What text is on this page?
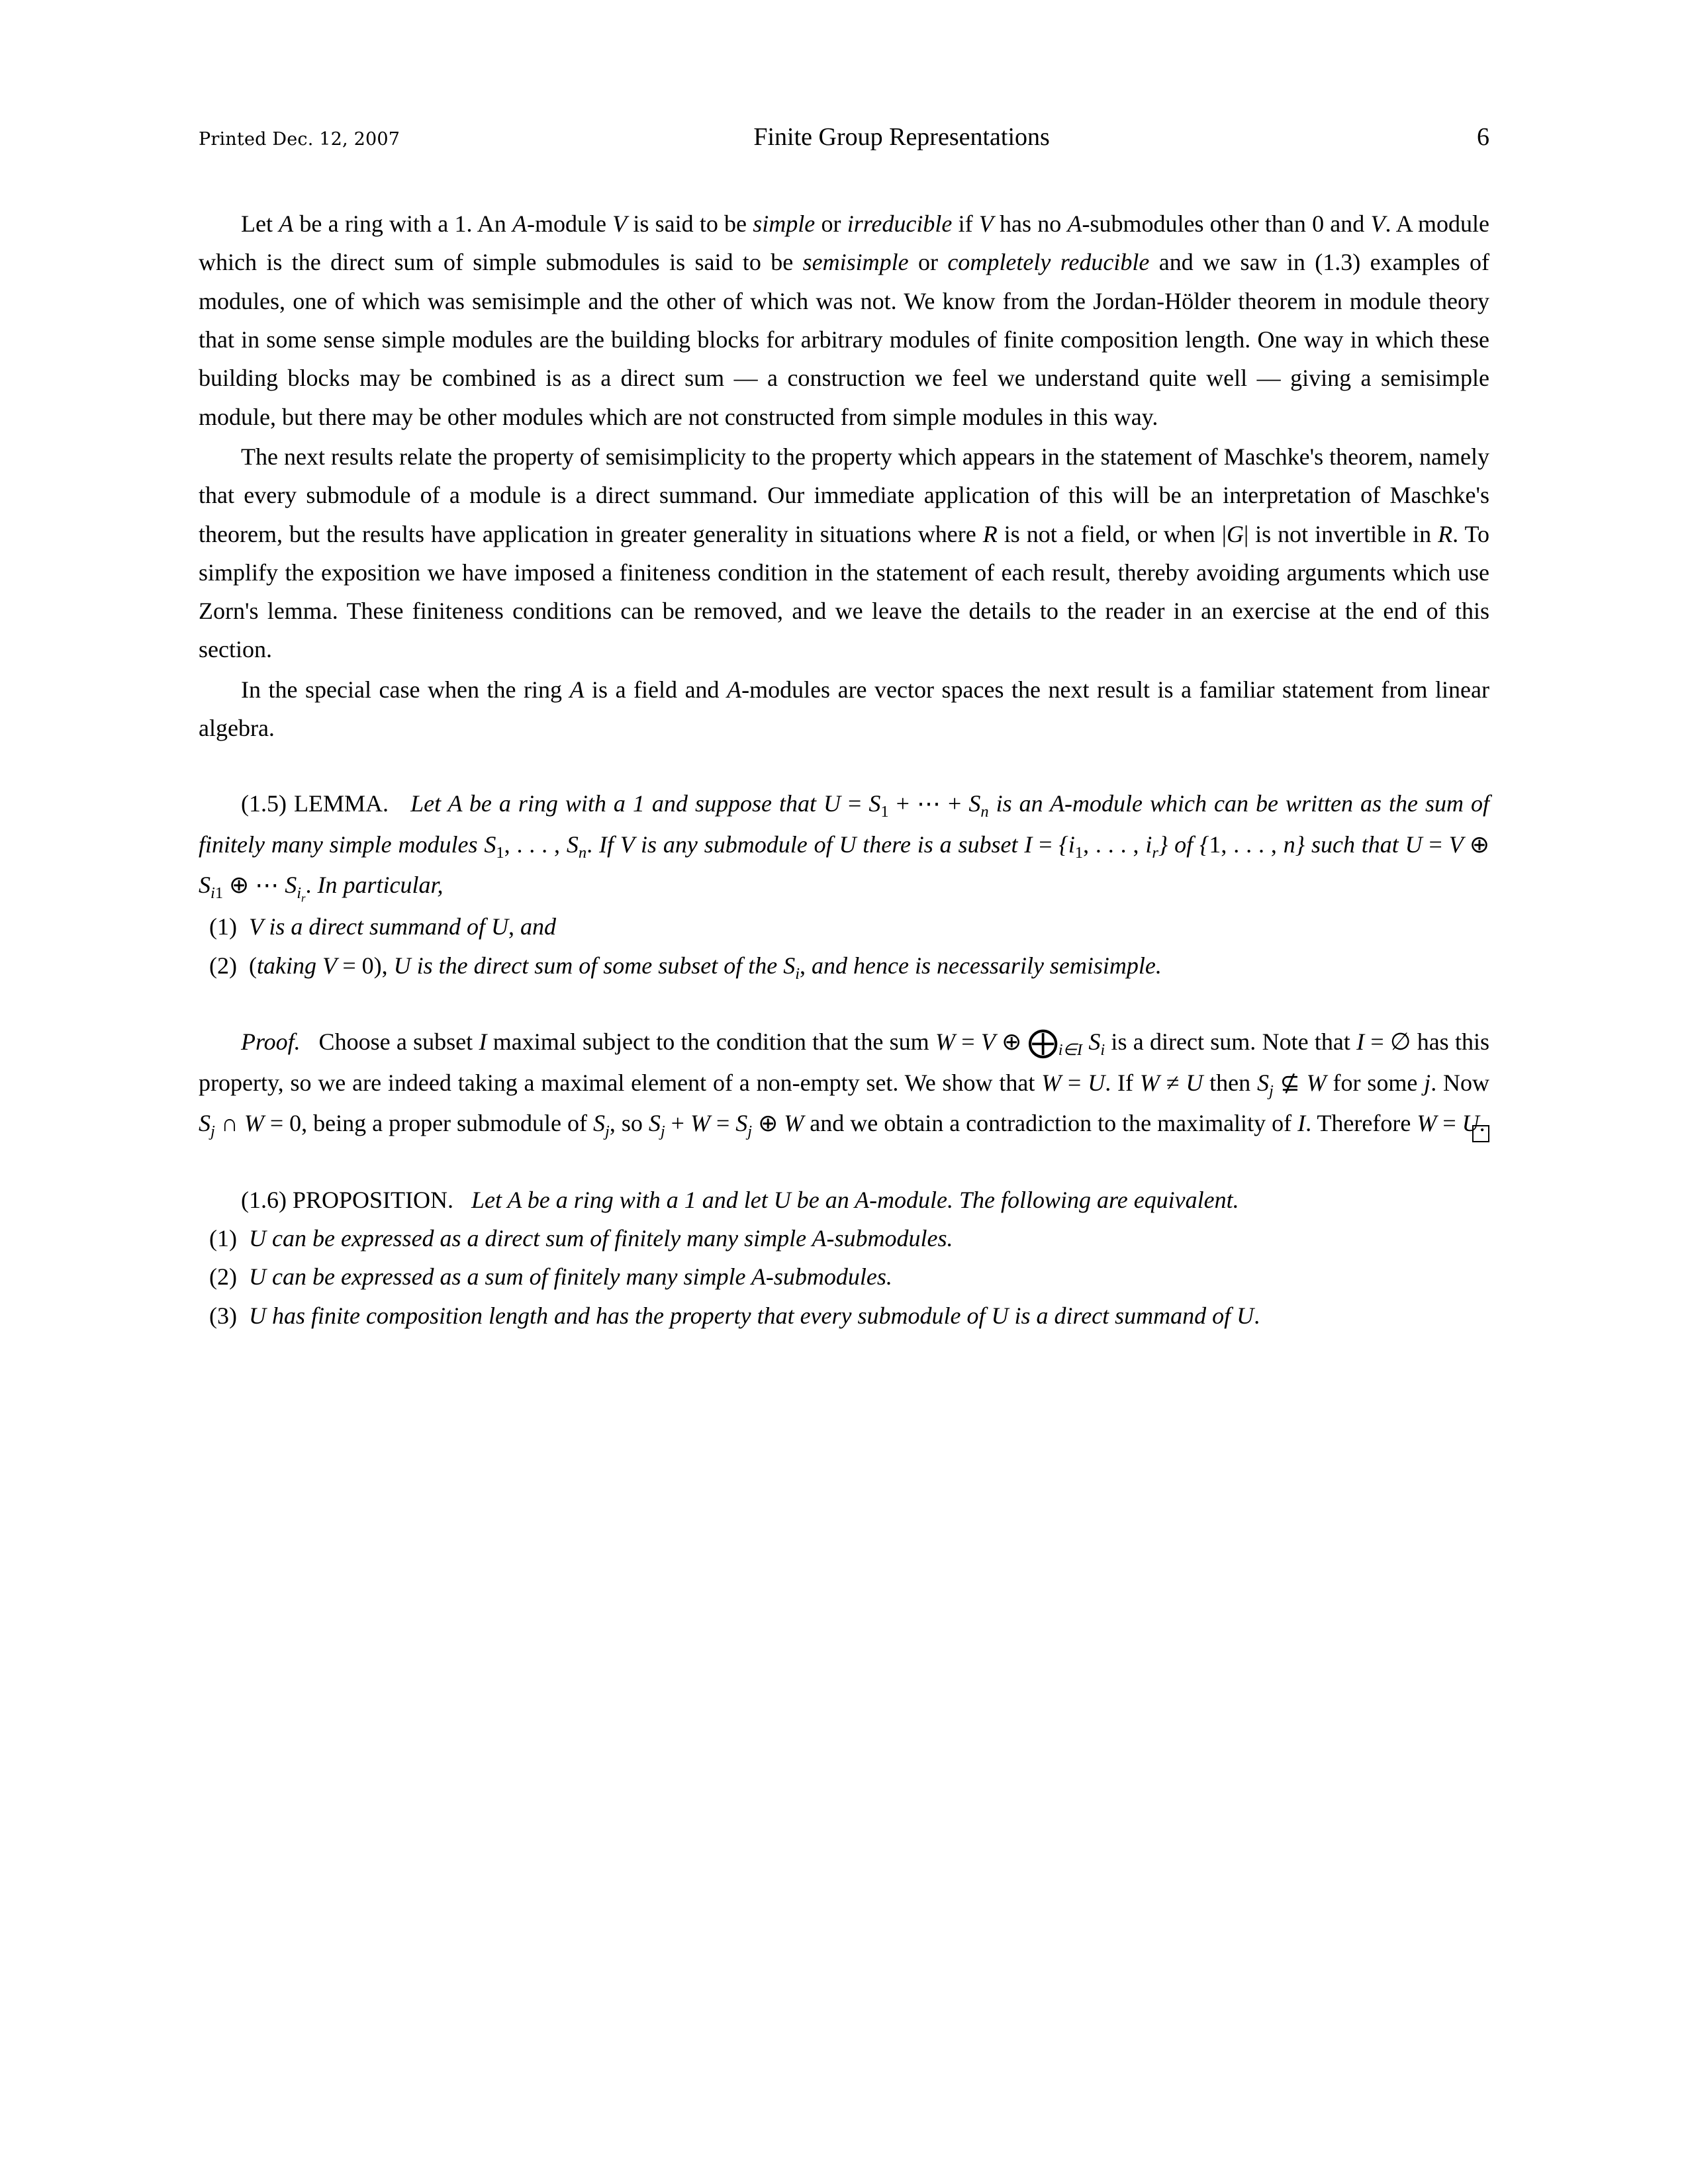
Printed Dec. 12, 2007	Finite Group Representations	6

Let A be a ring with a 1. An A-module V is said to be simple or irreducible if V has no A-submodules other than 0 and V. A module which is the direct sum of simple submodules is said to be semisimple or completely reducible and we saw in (1.3) examples of modules, one of which was semisimple and the other of which was not. We know from the Jordan-Hölder theorem in module theory that in some sense simple modules are the building blocks for arbitrary modules of finite composition length. One way in which these building blocks may be combined is as a direct sum — a construction we feel we understand quite well — giving a semisimple module, but there may be other modules which are not constructed from simple modules in this way.

The next results relate the property of semisimplicity to the property which appears in the statement of Maschke's theorem, namely that every submodule of a module is a direct summand. Our immediate application of this will be an interpretation of Maschke's theorem, but the results have application in greater generality in situations where R is not a field, or when |G| is not invertible in R. To simplify the exposition we have imposed a finiteness condition in the statement of each result, thereby avoiding arguments which use Zorn's lemma. These finiteness conditions can be removed, and we leave the details to the reader in an exercise at the end of this section.

In the special case when the ring A is a field and A-modules are vector spaces the next result is a familiar statement from linear algebra.

(1.5) LEMMA.   Let A be a ring with a 1 and suppose that $U = S_1$ + ⋯ + $S_n$ is an A-module which can be written as the sum of finitely many simple modules $S_1$, . . . , $S_n$. If V is any submodule of U there is a subset $I = \{i_1$, . . . , $i_r$} of {1, . . . , n} such that U = V ⊕ $S_{i1}$ ⊕ ⋯ $S_{i_r}$. In particular,

(1) V is a direct summand of U, and

(2) (taking V = 0), U is the direct sum of some subset of the $S_i$, and hence is necessarily semisimple.

Proof.   Choose a subset I maximal subject to the condition that the sum W = V ⊕ $⨁_{i\in I}$ $S_i$ is a direct sum. Note that I = ∅ has this property, so we are indeed taking a maximal element of a non-empty set. We show that W = U. If W ≠ U then $S_j$ ⊈ W for some j. Now $S_j$ ∩ W = 0, being a proper submodule of $S_j$, so $S_j + W = S_j$ ⊕ W and we obtain a contradiction to the maximality of I. Therefore W = U.

(1.6) PROPOSITION.   Let A be a ring with a 1 and let U be an A-module. The following are equivalent.

(1) U can be expressed as a direct sum of finitely many simple A-submodules.

(2) U can be expressed as a sum of finitely many simple A-submodules.

(3) U has finite composition length and has the property that every submodule of U is a direct summand of U.
